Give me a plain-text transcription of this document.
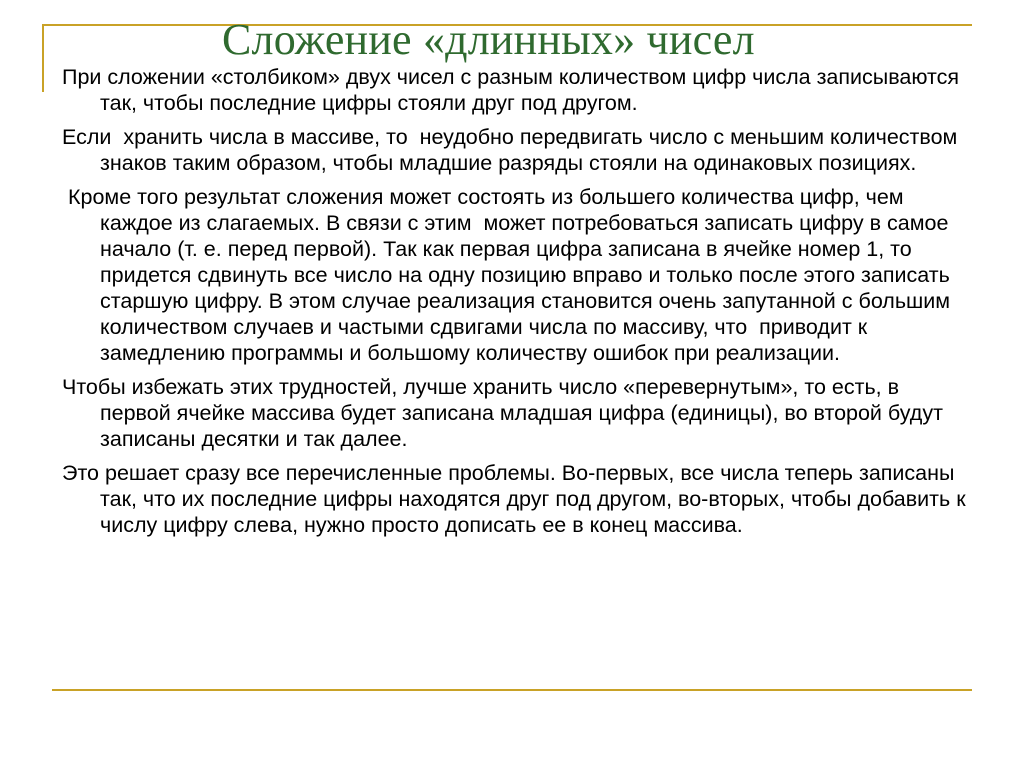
Сложение «длинных» чисел

При сложении «столбиком» двух чисел с разным количеством цифр числа записываются так, чтобы последние цифры стояли друг под другом.

Если  хранить числа в массиве, то  неудобно передвигать число с меньшим количеством знаков таким образом, чтобы младшие разряды стояли на одинаковых позициях.

Кроме того результат сложения может состоять из большего количества цифр, чем каждое из слагаемых. В связи с этим  может потребоваться записать цифру в самое начало (т. е. перед первой). Так как первая цифра записана в ячейке номер 1, то придется сдвинуть все число на одну позицию вправо и только после этого записать старшую цифру. В этом случае реализация становится очень запутанной с большим количеством случаев и частыми сдвигами числа по массиву, что  приводит к замедлению программы и большому количеству ошибок при реализации.

Чтобы избежать этих трудностей, лучше хранить число «перевернутым», то есть, в первой ячейке массива будет записана младшая цифра (единицы), во второй будут записаны десятки и так далее.

Это решает сразу все перечисленные проблемы. Во-первых, все числа теперь записаны так, что их последние цифры находятся друг под другом, во-вторых, чтобы добавить к числу цифру слева, нужно просто дописать ее в конец массива.
